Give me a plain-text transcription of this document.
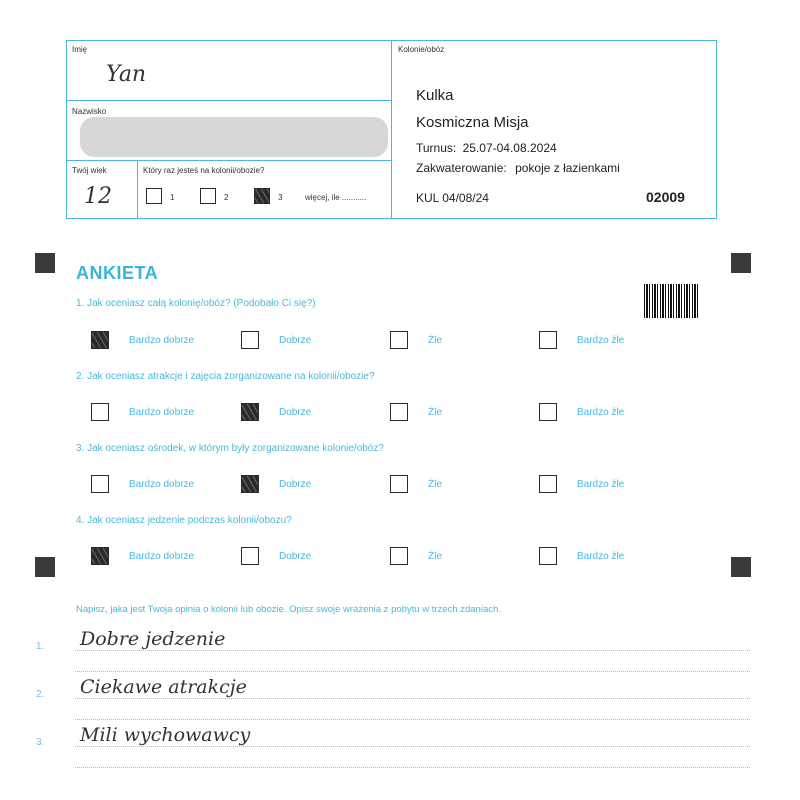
Imię
Yan
Nazwisko
Twój wiek
12
Który raz jesteś na kolonii/obozie?
1	2	3	więcej, ile ...........
Kolonie/obóz
Kulka
Kosmiczna Misja
Turnus: 25.07-04.08.2024
Zakwaterowanie: pokoje z łazienkami
KUL 04/08/24	02009
ANKIETA
1. Jak oceniasz całą kolonię/obóz? (Podobało Ci się?)
Bardzo dobrze	Dobrze	Źle	Bardzo źle
2. Jak oceniasz atrakcje i zajęcia zorganizowane na kolonii/obozie?
Bardzo dobrze	Dobrze	Źle	Bardzo źle
3. Jak oceniasz ośrodek, w którym były zorganizowane kolonie/obóz?
Bardzo dobrze	Dobrze	Źle	Bardzo źle
4. Jak oceniasz jedzenie podczas kolonii/obozu?
Bardzo dobrze	Dobrze	Źle	Bardzo źle
Napisz, jaka jest Twoja opinia o kolonii lub obozie. Opisz swoje wrażenia z pobytu w trzech zdaniach.
1. Dobre jedzenie
2. Ciekawe atrakcje
3. Mili wychowawcy
